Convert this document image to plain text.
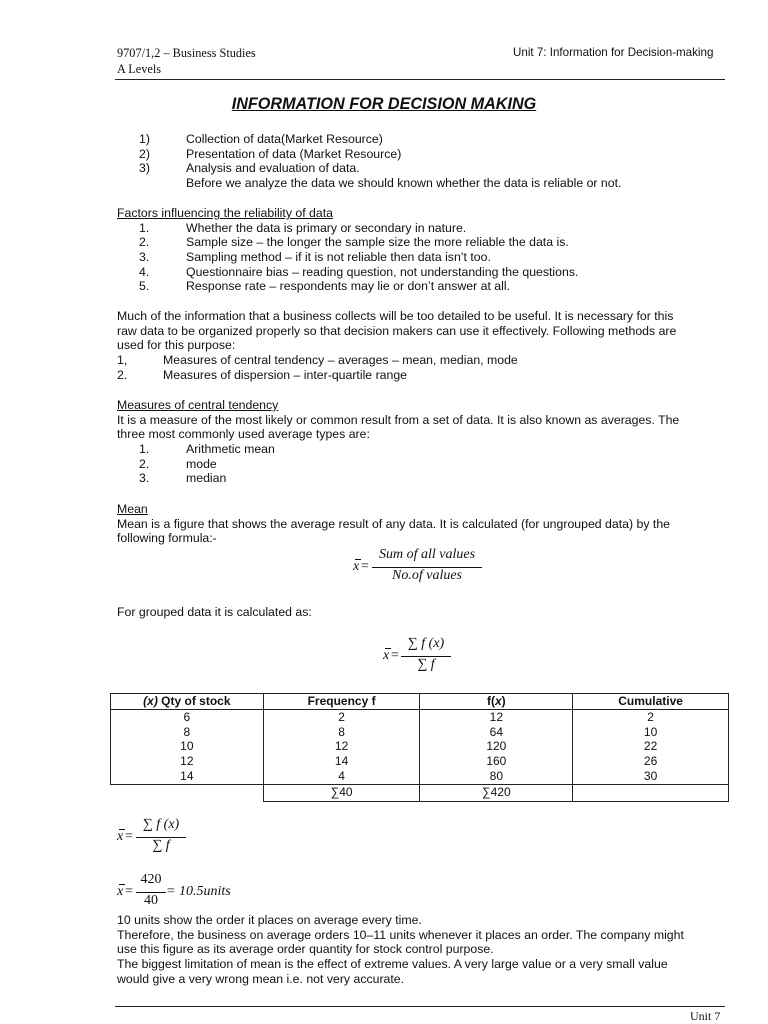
9707/1,2 – Business Studies
A Levels
Unit 7: Information for Decision-making
INFORMATION FOR DECISION MAKING
1)	Collection of data(Market Resource)
2)	Presentation of data (Market Resource)
3)	Analysis and evaluation of data.
Before we analyze the data we should known whether the data is reliable or not.
Factors influencing the reliability of data
1.	Whether the data is primary or secondary in nature.
2.	Sample size – the longer the sample size the more reliable the data is.
3.	Sampling method – if it is not reliable then data isn’t too.
4.	Questionnaire bias – reading question, not understanding the questions.
5.	Response rate – respondents may lie or don’t answer at all.
Much of the information that a business collects will be too detailed to be useful. It is necessary for this
raw data to be organized properly so that decision makers can use it effectively. Following methods are
used for this purpose:
1,	Measures of central tendency – averages – mean, median, mode
2.	Measures of dispersion – inter-quartile range
Measures of central tendency
It is a measure of the most likely or common result from a set of data. It is also known as averages. The
three most commonly used average types are:
1.	Arithmetic mean
2.	mode
3.	median
Mean
Mean is a figure that shows the average result of any data. It is calculated (for ungrouped data) by the
following formula:-
x =
Sum of all values
No.of values
For grouped data it is calculated as:
x =
∑ f (x)
∑ f
(x) Qty of stock	Frequency f	f(x)	Cumulative
6	2	12	2
8	8	64	10
10	12	120	22
12	14	160	26
14	4	80	30
	∑40	∑420	
x =
∑ f (x)
∑ f
x =
420
40
= 10.5units
10 units show the order it places on average every time.
Therefore, the business on average orders 10–11 units whenever it places an order. The company might
use this figure as its average order quantity for stock control purpose.
The biggest limitation of mean is the effect of extreme values. A very large value or a very small value
would give a very wrong mean i.e. not very accurate.
Unit 7
